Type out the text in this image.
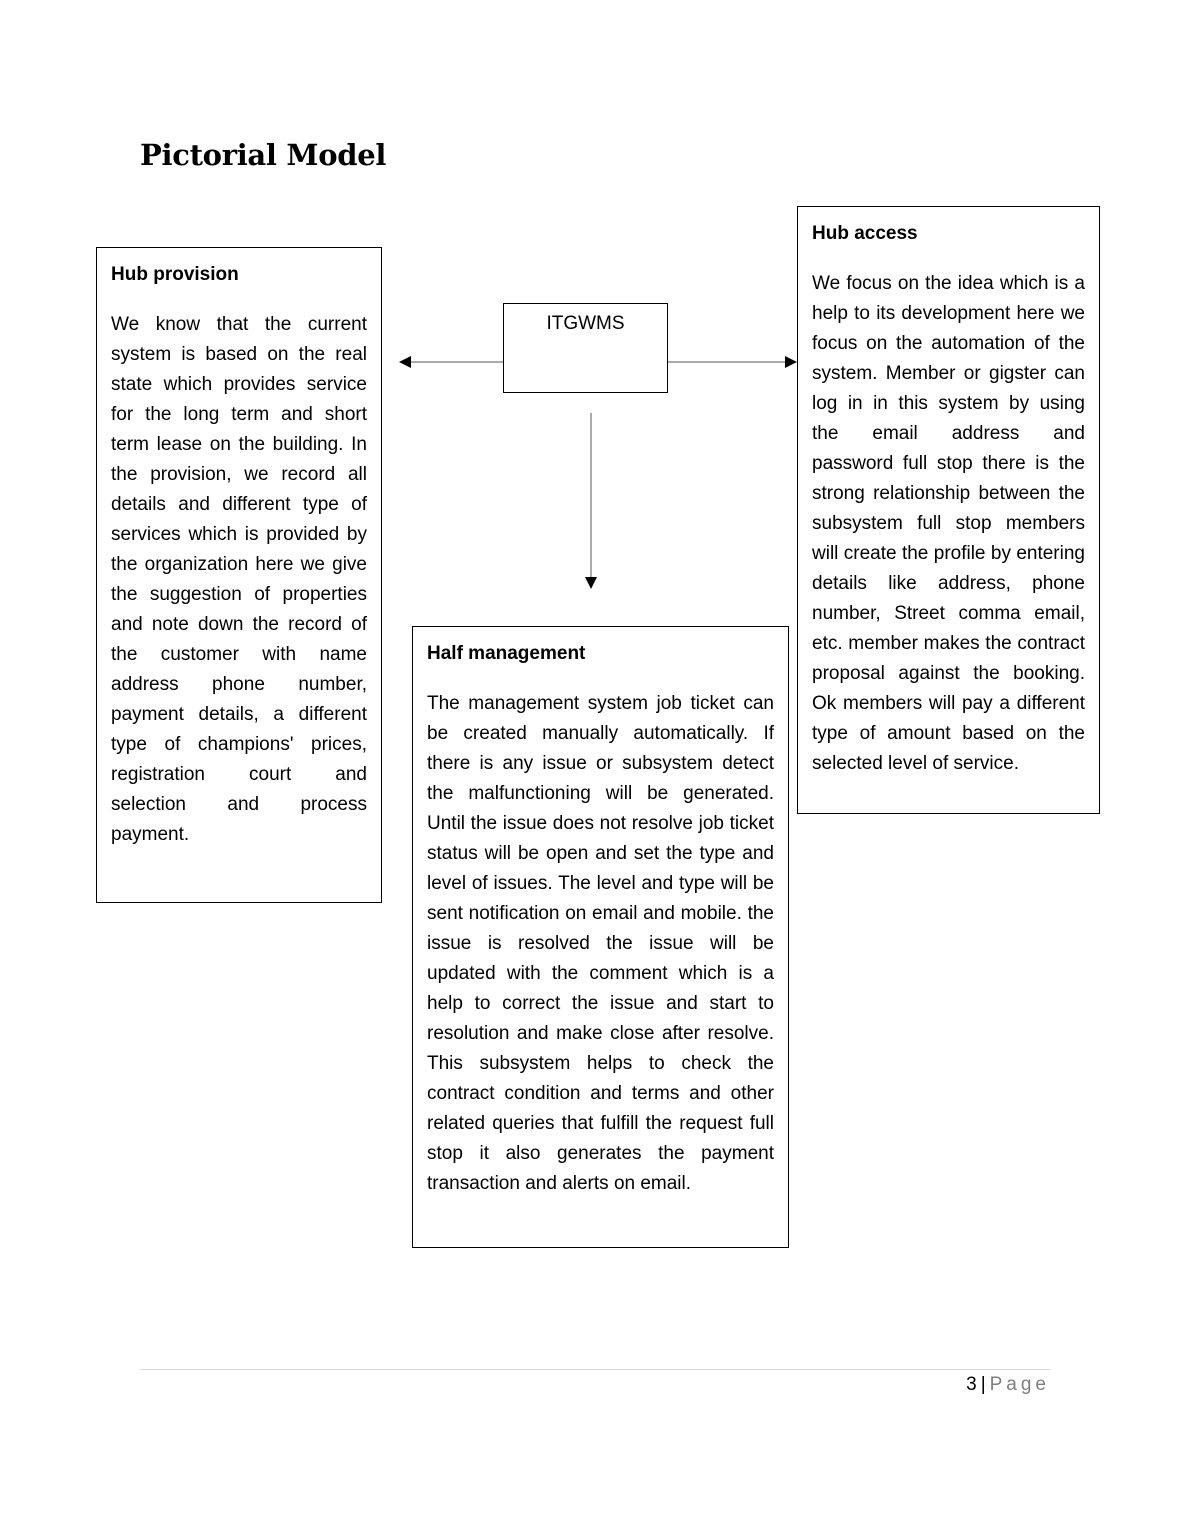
Pictorial Model
Hub provision

We know that the current system is based on the real state which provides service for the long term and short term lease on the building. In the provision, we record all details and different type of services which is provided by the organization here we give the suggestion of properties and note down the record of the customer with name address phone number, payment details, a different type of champions' prices, registration court and selection and process payment.

ITGWMS
Hub access

We focus on the idea which is a help to its development here we focus on the automation of the system. Member or gigster can log in in this system by using the email address and password full stop there is the strong relationship between the subsystem full stop members will create the profile by entering details like address, phone number, Street comma email, etc. member makes the contract proposal against the booking. Ok members will pay a different type of amount based on the selected level of service.

Half management

The management system job ticket can be created manually automatically. If there is any issue or subsystem detect the malfunctioning will be generated. Until the issue does not resolve job ticket status will be open and set the type and level of issues. The level and type will be sent notification on email and mobile. the issue is resolved the issue will be updated with the comment which is a help to correct the issue and start to resolution and make close after resolve. This subsystem helps to check the contract condition and terms and other related queries that fulfill the request full stop it also generates the payment transaction and alerts on email.

3 | Page
